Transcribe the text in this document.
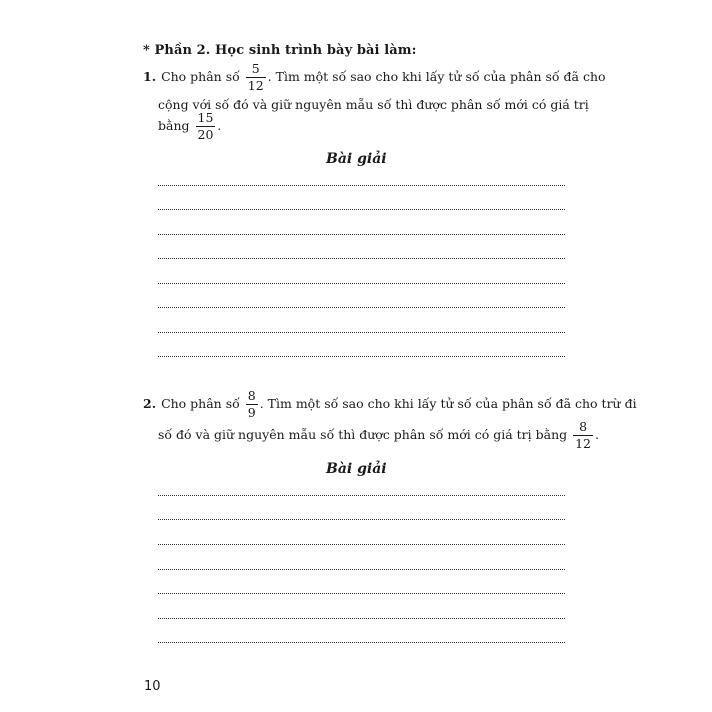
* Phần 2. Học sinh trình bày bài làm:
1. Cho phân số $\frac{5}{12}$ . Tìm một số sao cho khi lấy tử số của phân số đã cho
cộng với số đó và giữ nguyên mẫu số thì được phân số mới có giá trị
bằng $\frac{15}{20}$ .
Bài giải
2. Cho phân số $\frac{8}{9}$ . Tìm một số sao cho khi lấy tử số của phân số đã cho trừ đi
số đó và giữ nguyên mẫu số thì được phân số mới có giá trị bằng $\frac{8}{12}$ .
Bài giải
10
